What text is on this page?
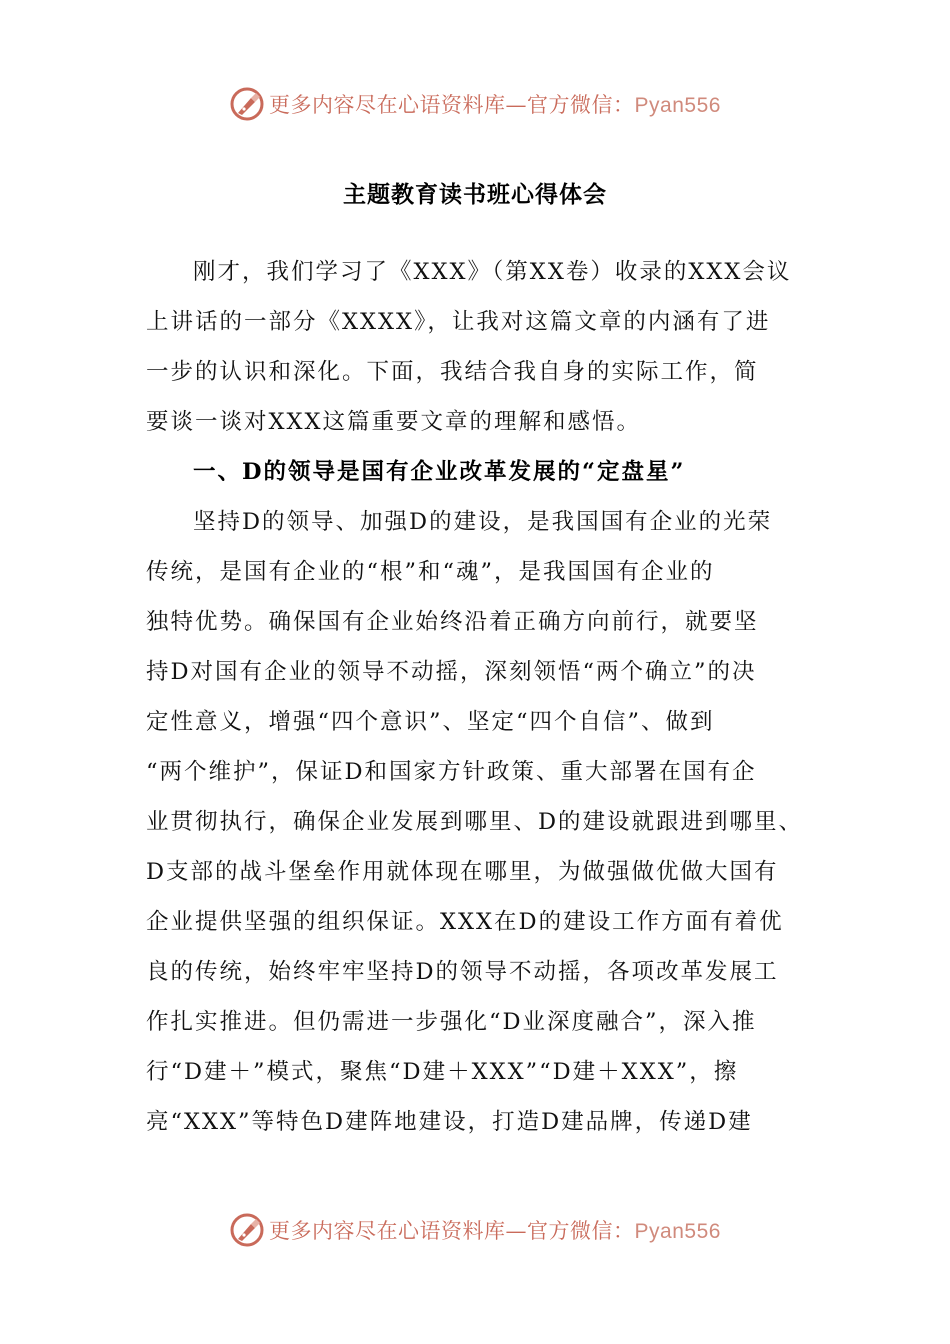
更多内容尽在心语资料库—官方微信：Pyan556
主题教育读书班心得体会
刚才，我们学习了《XXX》（第XX卷）收录的XXX会议
上讲话的一部分《XXXX》，让我对这篇文章的内涵有了进
一步的认识和深化。下面，我结合我自身的实际工作，简
要谈一谈对XXX这篇重要文章的理解和感悟。
一、D的领导是国有企业改革发展的“定盘星”
坚持D的领导、加强D的建设，是我国国有企业的光荣
传统，是国有企业的“根”和“魂”，是我国国有企业的
独特优势。确保国有企业始终沿着正确方向前行，就要坚
持D对国有企业的领导不动摇，深刻领悟“两个确立”的决
定性意义，增强“四个意识”、坚定“四个自信”、做到
“两个维护”，保证D和国家方针政策、重大部署在国有企
业贯彻执行，确保企业发展到哪里、D的建设就跟进到哪里、
D支部的战斗堡垒作用就体现在哪里，为做强做优做大国有
企业提供坚强的组织保证。XXX在D的建设工作方面有着优
良的传统，始终牢牢坚持D的领导不动摇，各项改革发展工
作扎实推进。但仍需进一步强化“D业深度融合”，深入推
行“D建＋”模式，聚焦“D建＋XXX”“D建＋XXX”，擦
亮“XXX”等特色D建阵地建设，打造D建品牌，传递D建
更多内容尽在心语资料库—官方微信：Pyan556
